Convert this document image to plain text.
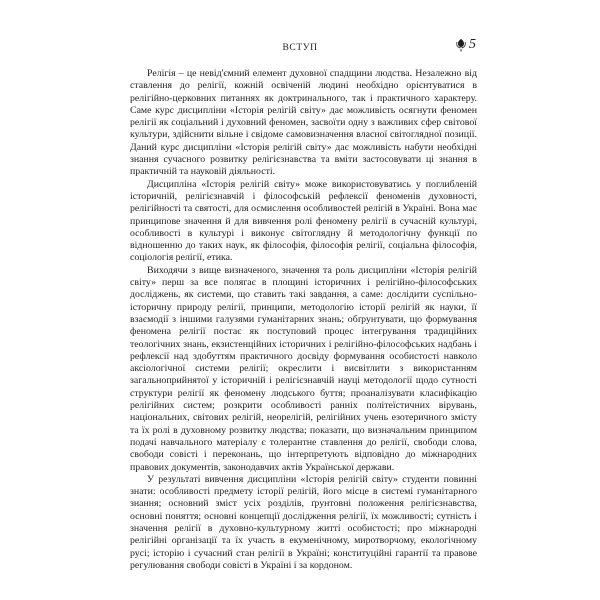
ВСТУП	5

Релігія – це невід'ємний елемент духовної спадщини людства. Незалежно від ставлення до релігії, кожній освіченій людині необхідно орієнтуватися в релігійно-церковних питаннях як доктринального, так і практичного характеру. Саме курс дисципліни «Історія релігій світу» дає можливість осягнути феномен релігії як соціальний і духовний феномен, засвоїти одну з важливих сфер світової культури, здійснити вільне і свідоме самовизначення власної світоглядної позиції. Даний курс дисципліни «Історія релігій світу» дає можливість набути необхідні знання сучасного розвитку релігієзнавства та вміти застосовувати ці знання в практичній та науковій діяльності.

Дисципліна «Історія релігій світу» може використовуватись у поглибленій історичній, релігієзнавчій і філософській рефлексії феноменів духовності, релігійності та святості, для осмислення особливостей релігій в Україні. Вона має принципове значення й для вивчення ролі феномену релігії в сучасній культурі, особливості в культурі і виконує світоглядну й методологічну функції по відношенню до таких наук, як філософія, філософія релігії, соціальна філософія, соціологія релігії, етика.

Виходячи з вище визначеного, значення та роль дисципліни «Історія релігій світу» перш за все полягає в площині історичних і релігійно-філософських досліджень, як системи, що ставить такі завдання, а саме: дослідити суспільно-історичну природу релігії, принципи, методологію історії релігій як науки, її взаємодії з іншими галузями гуманітарних знань; обґрунтувати, що формування феномена релігії постає як поступовий процес інтегрування традиційних теологічних знань, екзистенційних історичних і релігійно-філософських надбань і рефлексії над здобуттям практичного досвіду формування особистості навколо аксіологічної системи релігії; окреслити і висвітлити з використанням загальноприйнятої у історичній і релігієзнавчій науці методології щодо сутності структури релігії як феномену людського буття; проаналізувати класифікацію релігійних систем; розкрити особливості ранніх політеїстичних вірувань, національних, світових релігій, неорелігій, релігійних учень езотеричного змісту та їх ролі в духовному розвитку людства; показати, що визначальним принципом подачі навчального матеріалу є толерантне ставлення до релігії, свободи слова, свободи совісті і переконань, що інтерпретують відповідно до міжнародних правових документів, законодавчих актів Української держави.

У результаті вивчення дисципліни «Історія релігій світу» студенти повинні знати: особливості предмету історії релігій, його місце в системі гуманітарного знання; основний зміст усіх розділів, ґрунтовні положення релігієзнавства, основні поняття; основні концепції дослідження релігії, їх можливості; сутність і значення релігії в духовно-культурному житті особистості; про міжнародні релігійні організації та їх участь в екуменічному, миротворчому, екологічному русі; історію і сучасний стан релігії в Україні; конституційні гарантії та правове регулювання свободи совісті в Україні і за кордоном.
